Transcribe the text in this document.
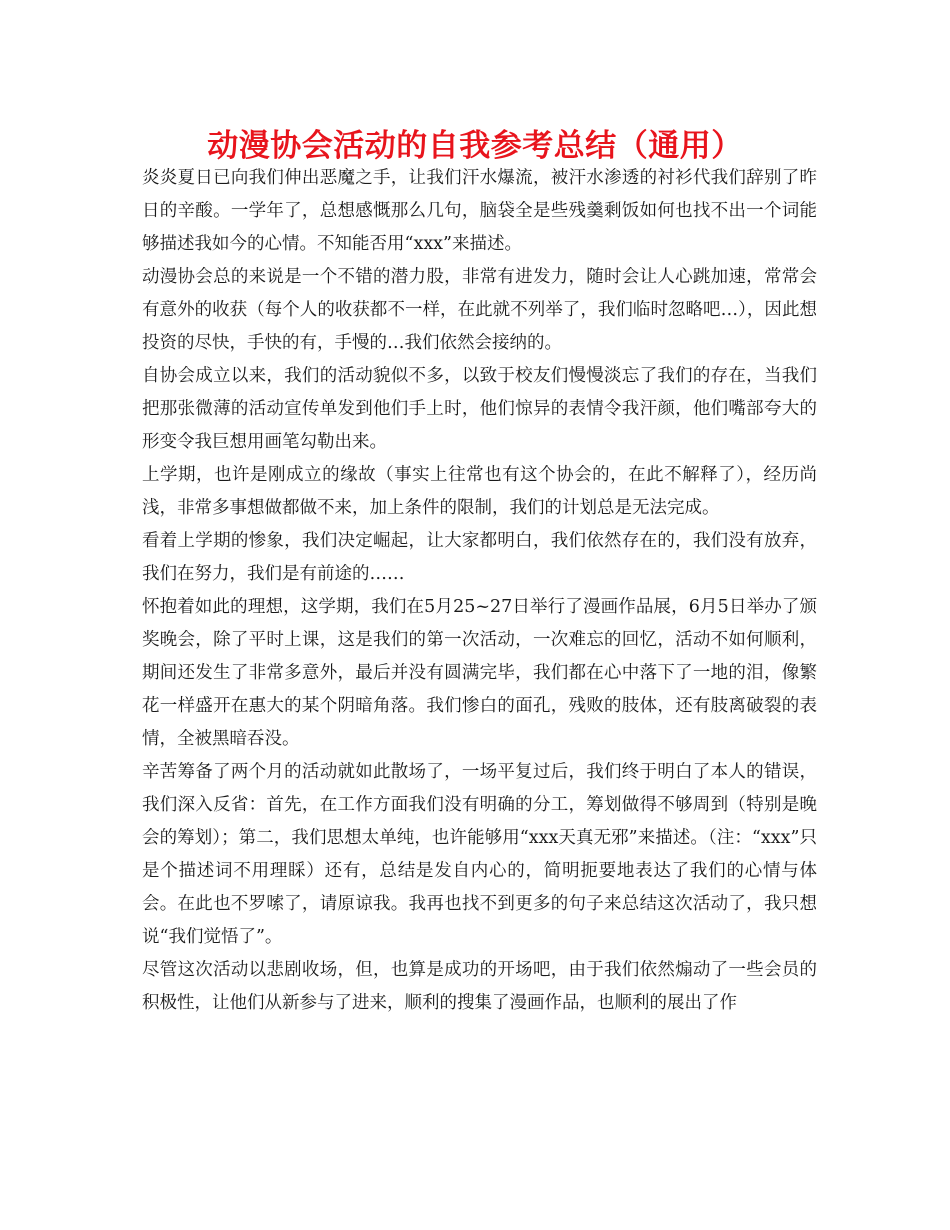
动漫协会活动的自我参考总结（通用）

炎炎夏日已向我们伸出恶魔之手，让我们汗水爆流，被汗水渗透的衬衫代我们辞别了昨日的辛酸。一学年了，总想感慨那么几句，脑袋全是些残羹剩饭如何也找不出一个词能够描述我如今的心情。不知能否用“xxx”来描述。

动漫协会总的来说是一个不错的潜力股，非常有进发力，随时会让人心跳加速，常常会有意外的收获（每个人的收获都不一样，在此就不列举了，我们临时忽略吧…），因此想投资的尽快，手快的有，手慢的…我们依然会接纳的。

自协会成立以来，我们的活动貌似不多，以致于校友们慢慢淡忘了我们的存在，当我们把那张微薄的活动宣传单发到他们手上时，他们惊异的表情令我汗颜，他们嘴部夸大的形变令我巨想用画笔勾勒出来。

上学期，也许是刚成立的缘故（事实上往常也有这个协会的，在此不解释了），经历尚浅，非常多事想做都做不来，加上条件的限制，我们的计划总是无法完成。

看着上学期的惨象，我们决定崛起，让大家都明白，我们依然存在的，我们没有放弃，我们在努力，我们是有前途的……

怀抱着如此的理想，这学期，我们在5月25~27日举行了漫画作品展，6月5日举办了颁奖晚会，除了平时上课，这是我们的第一次活动，一次难忘的回忆，活动不如何顺利，期间还发生了非常多意外，最后并没有圆满完毕，我们都在心中落下了一地的泪，像繁花一样盛开在惠大的某个阴暗角落。我们惨白的面孔，残败的肢体，还有肢离破裂的表情，全被黑暗吞没。

辛苦筹备了两个月的活动就如此散场了，一场平复过后，我们终于明白了本人的错误，我们深入反省：首先，在工作方面我们没有明确的分工，筹划做得不够周到（特别是晚会的筹划）；第二，我们思想太单纯，也许能够用“xxx天真无邪”来描述。（注：“xxx”只是个描述词不用理睬）还有，总结是发自内心的，简明扼要地表达了我们的心情与体会。在此也不罗嗦了，请原谅我。我再也找不到更多的句子来总结这次活动了，我只想说“我们觉悟了”。

尽管这次活动以悲剧收场，但，也算是成功的开场吧，由于我们依然煽动了一些会员的积极性，让他们从新参与了进来，顺利的搜集了漫画作品，也顺利的展出了作
